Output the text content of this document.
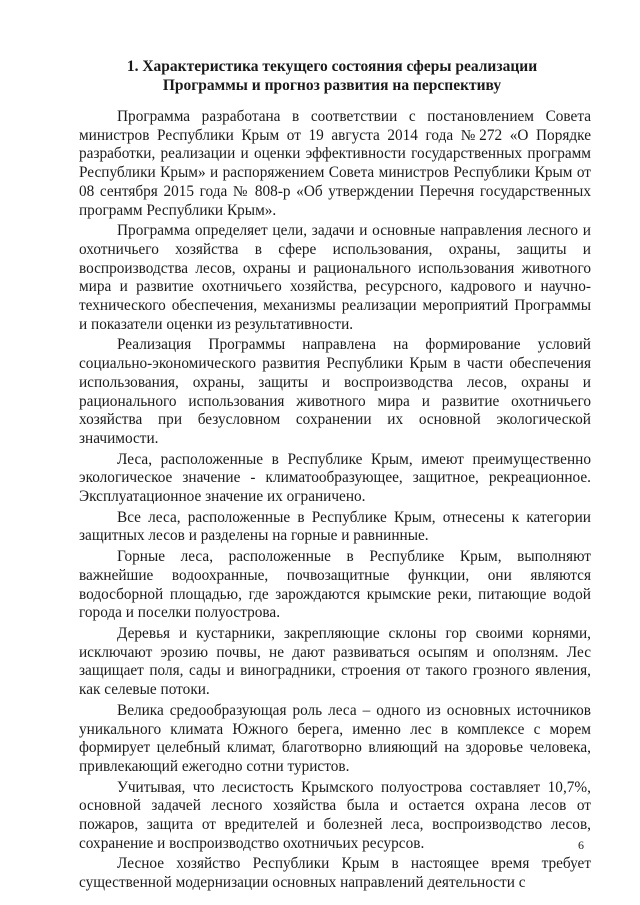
1. Характеристика текущего состояния сферы реализации
Программы и прогноз развития на перспективу

Программа разработана в соответствии с постановлением Совета министров Республики Крым от 19 августа 2014 года №272 «О Порядке разработки, реализации и оценки эффективности государственных программ Республики Крым» и распоряжением Совета министров Республики Крым от 08 сентября 2015 года № 808-р «Об утверждении Перечня государственных программ Республики Крым».

Программа определяет цели, задачи и основные направления лесного и охотничьего хозяйства в сфере использования, охраны, защиты и воспроизводства лесов, охраны и рационального использования животного мира и развитие охотничьего хозяйства, ресурсного, кадрового и научно-технического обеспечения, механизмы реализации мероприятий Программы и показатели оценки из результативности.

Реализация Программы направлена на формирование условий социально-экономического развития Республики Крым в части обеспечения использования, охраны, защиты и воспроизводства лесов, охраны и рационального использования животного мира и развитие охотничьего хозяйства при безусловном сохранении их основной экологической значимости.

Леса, расположенные в Республике Крым, имеют преимущественно экологическое значение - климатообразующее, защитное, рекреационное. Эксплуатационное значение их ограничено.

Все леса, расположенные в Республике Крым, отнесены к категории защитных лесов и разделены на горные и равнинные.

Горные леса, расположенные в Республике Крым, выполняют важнейшие водоохранные, почвозащитные функции, они являются водосборной площадью, где зарождаются крымские реки, питающие водой города и поселки полуострова.

Деревья и кустарники, закрепляющие склоны гор своими корнями, исключают эрозию почвы, не дают развиваться осыпям и оползням. Лес защищает поля, сады и виноградники, строения от такого грозного явления, как селевые потоки.

Велика средообразующая роль леса – одного из основных источников уникального климата Южного берега, именно лес в комплексе с морем формирует целебный климат, благотворно влияющий на здоровье человека, привлекающий ежегодно сотни туристов.

Учитывая, что лесистость Крымского полуострова составляет 10,7%, основной задачей лесного хозяйства была и остается охрана лесов от пожаров, защита от вредителей и болезней леса, воспроизводство лесов, сохранение и воспроизводство охотничьих ресурсов.

Лесное хозяйство Республики Крым в настоящее время требует существенной модернизации основных направлений деятельности с

6
